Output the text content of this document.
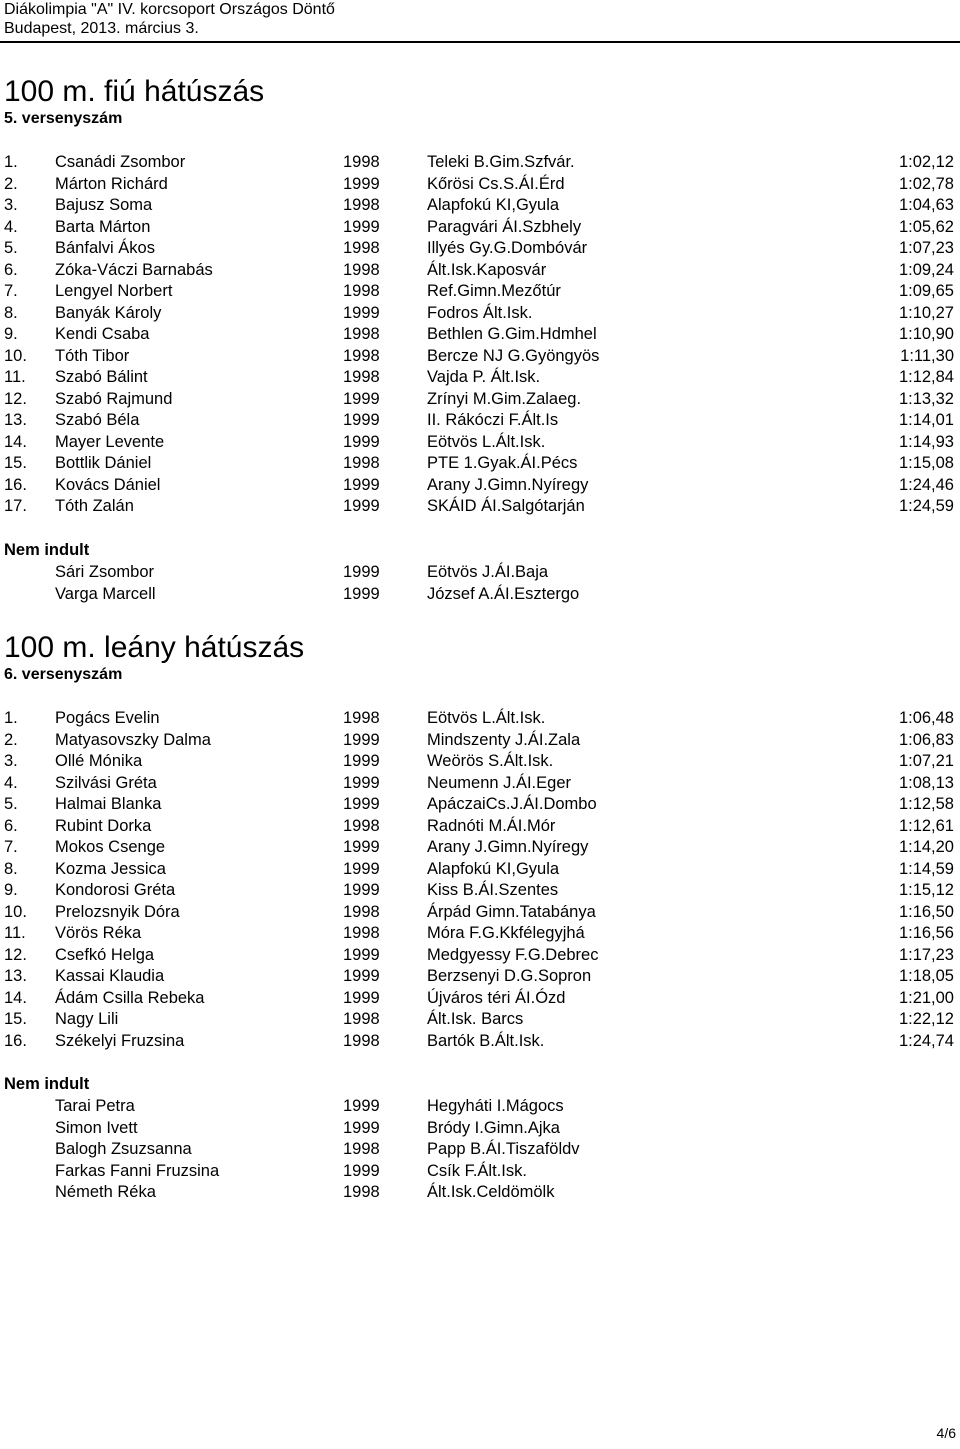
Diákolimpia "A" IV. korcsoport Országos Döntő
Budapest, 2013. március 3.
100 m. fiú hátúszás
5. versenyszám
1. Csanádi Zsombor	1998	Teleki B.Gim.Szfvár.	1:02,12
2. Márton Richárd	1999	Kőrösi Cs.S.ÁI.Érd	1:02,78
3. Bajusz Soma	1998	Alapfokú KI,Gyula	1:04,63
4. Barta Márton	1999	Paragvári ÁI.Szbhely	1:05,62
5. Bánfalvi Ákos	1998	Illyés Gy.G.Dombóvár	1:07,23
6. Zóka-Váczi Barnabás	1998	Ált.Isk.Kaposvár	1:09,24
7. Lengyel Norbert	1998	Ref.Gimn.Mezőtúr	1:09,65
8. Banyák Károly	1999	Fodros Ált.Isk.	1:10,27
9. Kendi Csaba	1998	Bethlen G.Gim.Hdmhel	1:10,90
10. Tóth Tibor	1998	Bercze NJ G.Gyöngyös	1:11,30
11. Szabó Bálint	1998	Vajda P. Ált.Isk.	1:12,84
12. Szabó Rajmund	1999	Zrínyi M.Gim.Zalaeg.	1:13,32
13. Szabó Béla	1999	II. Rákóczi F.Ált.Is	1:14,01
14. Mayer Levente	1999	Eötvös L.Ált.Isk.	1:14,93
15. Bottlik Dániel	1998	PTE 1.Gyak.ÁI.Pécs	1:15,08
16. Kovács Dániel	1999	Arany J.Gimn.Nyíregy	1:24,46
17. Tóth Zalán	1999	SKÁID ÁI.Salgótarján	1:24,59
Nem indult
Sári Zsombor	1999	Eötvös J.ÁI.Baja
Varga Marcell	1999	József A.ÁI.Esztergo
100 m. leány hátúszás
6. versenyszám
1. Pogács Evelin	1998	Eötvös L.Ált.Isk.	1:06,48
2. Matyasovszky Dalma	1999	Mindszenty J.ÁI.Zala	1:06,83
3. Ollé Mónika	1999	Weörös S.Ált.Isk.	1:07,21
4. Szilvási Gréta	1999	Neumenn J.ÁI.Eger	1:08,13
5. Halmai Blanka	1999	ApáczaiCs.J.ÁI.Dombo	1:12,58
6. Rubint Dorka	1998	Radnóti M.ÁI.Mór	1:12,61
7. Mokos Csenge	1999	Arany J.Gimn.Nyíregy	1:14,20
8. Kozma Jessica	1999	Alapfokú KI,Gyula	1:14,59
9. Kondorosi Gréta	1999	Kiss B.ÁI.Szentes	1:15,12
10. Prelozsnyik Dóra	1998	Árpád Gimn.Tatabánya	1:16,50
11. Vörös Réka	1998	Móra F.G.Kkfélegyjhá	1:16,56
12. Csefkó Helga	1999	Medgyessy F.G.Debrec	1:17,23
13. Kassai Klaudia	1999	Berzsenyi D.G.Sopron	1:18,05
14. Ádám Csilla Rebeka	1999	Újváros téri ÁI.Ózd	1:21,00
15. Nagy Lili	1998	Ált.Isk. Barcs	1:22,12
16. Székelyi Fruzsina	1998	Bartók B.Ált.Isk.	1:24,74
Nem indult
Tarai Petra	1999	Hegyháti I.Mágocs
Simon Ivett	1999	Bródy I.Gimn.Ajka
Balogh Zsuzsanna	1998	Papp B.ÁI.Tiszaföldv
Farkas Fanni Fruzsina	1999	Csík F.Ált.Isk.
Németh Réka	1998	Ált.Isk.Celdömölk
4/6
